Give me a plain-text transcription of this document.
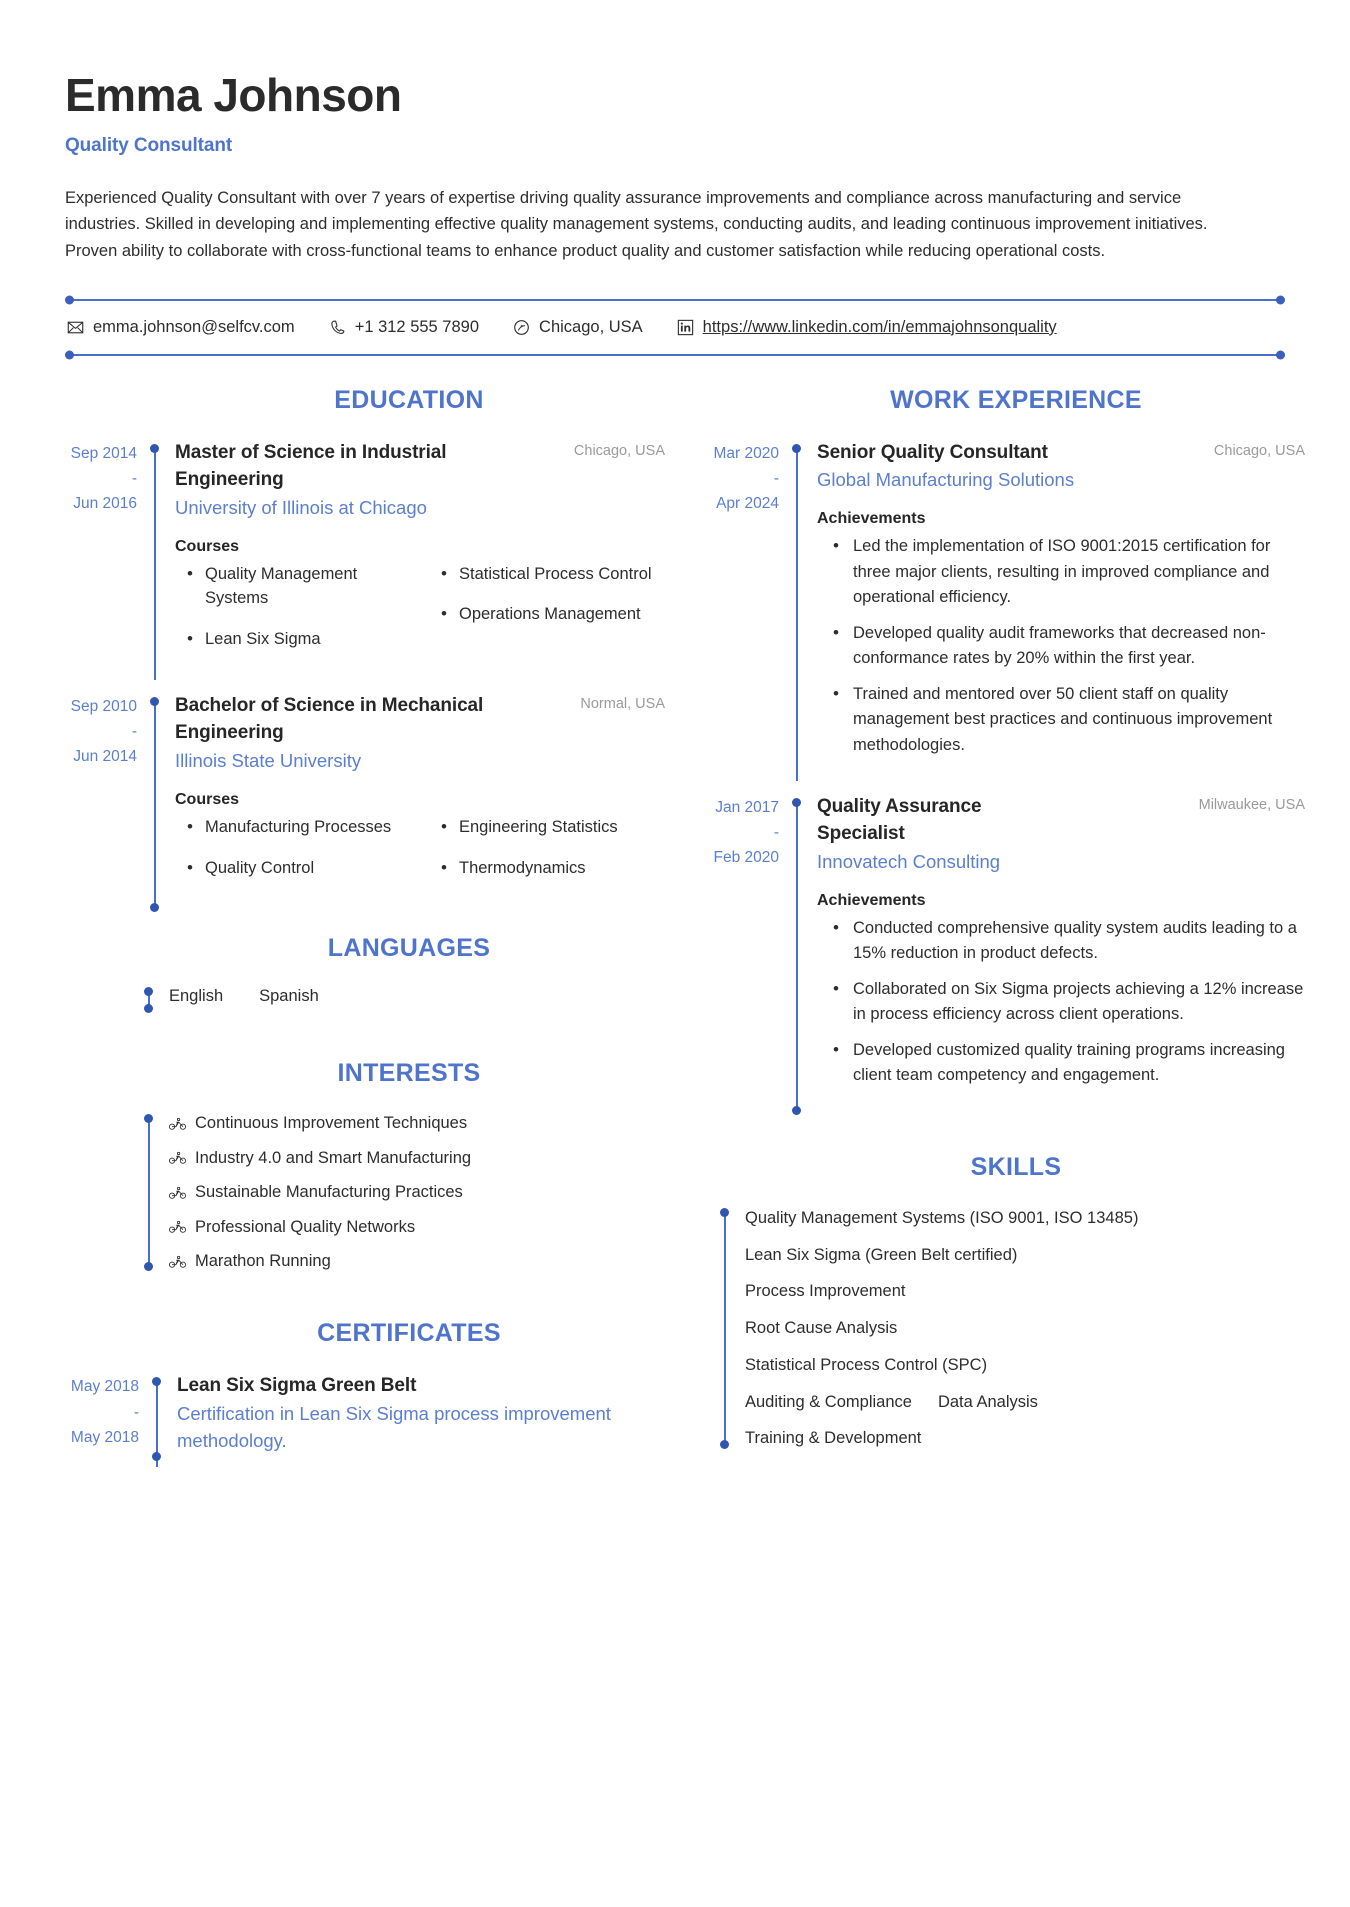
Emma Johnson
Quality Consultant
Experienced Quality Consultant with over 7 years of expertise driving quality assurance improvements and compliance across manufacturing and service industries. Skilled in developing and implementing effective quality management systems, conducting audits, and leading continuous improvement initiatives. Proven ability to collaborate with cross-functional teams to enhance product quality and customer satisfaction while reducing operational costs.
emma.johnson@selfcv.com	+1 312 555 7890	Chicago, USA	https://www.linkedin.com/in/emmajohnsonquality
EDUCATION
Sep 2014
-
Jun 2016
Master of Science in Industrial Engineering
Chicago, USA
University of Illinois at Chicago
Courses
• Quality Management Systems
• Lean Six Sigma
• Statistical Process Control
• Operations Management
Sep 2010
-
Jun 2014
Bachelor of Science in Mechanical Engineering
Normal, USA
Illinois State University
Courses
• Manufacturing Processes
• Quality Control
• Engineering Statistics
• Thermodynamics
LANGUAGES
English Spanish
INTERESTS
Continuous Improvement Techniques
Industry 4.0 and Smart Manufacturing
Sustainable Manufacturing Practices
Professional Quality Networks
Marathon Running
CERTIFICATES
May 2018
-
May 2018
Lean Six Sigma Green Belt
Certification in Lean Six Sigma process improvement methodology.
WORK EXPERIENCE
Mar 2020
-
Apr 2024
Senior Quality Consultant	Chicago, USA
Global Manufacturing Solutions
Achievements
• Led the implementation of ISO 9001:2015 certification for three major clients, resulting in improved compliance and operational efficiency.
• Developed quality audit frameworks that decreased non-conformance rates by 20% within the first year.
• Trained and mentored over 50 client staff on quality management best practices and continuous improvement methodologies.
Jan 2017
-
Feb 2020
Quality Assurance Specialist
Milwaukee, USA
Innovatech Consulting
Achievements
• Conducted comprehensive quality system audits leading to a 15% reduction in product defects.
• Collaborated on Six Sigma projects achieving a 12% increase in process efficiency across client operations.
• Developed customized quality training programs increasing client team competency and engagement.
SKILLS
Quality Management Systems (ISO 9001, ISO 13485)
Lean Six Sigma (Green Belt certified)
Process Improvement
Root Cause Analysis
Statistical Process Control (SPC)
Auditing & Compliance Data Analysis
Training & Development
